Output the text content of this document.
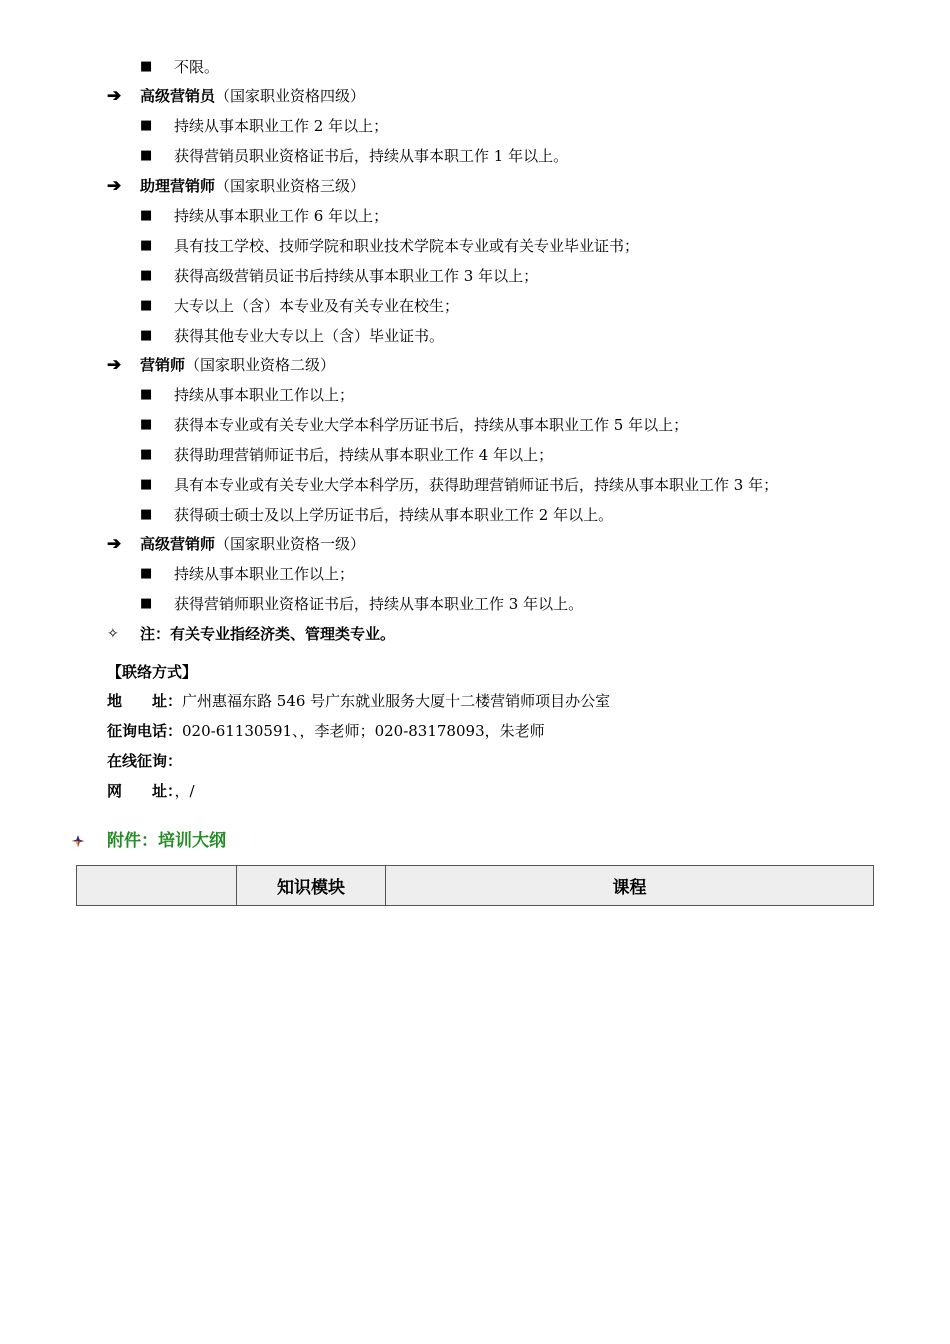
■ 不限。
➔ 高级营销员（国家职业资格四级）
■ 持续从事本职业工作 2 年以上；
■ 获得营销员职业资格证书后，持续从事本职工作 1 年以上。
➔ 助理营销师（国家职业资格三级）
■ 持续从事本职业工作 6 年以上；
■ 具有技工学校、技师学院和职业技术学院本专业或有关专业毕业证书；
■ 获得高级营销员证书后持续从事本职业工作 3 年以上；
■ 大专以上（含）本专业及有关专业在校生；
■ 获得其他专业大专以上（含）毕业证书。
➔ 营销师（国家职业资格二级）
■ 持续从事本职业工作以上；
■ 获得本专业或有关专业大学本科学历证书后，持续从事本职业工作 5 年以上；
■ 获得助理营销师证书后，持续从事本职业工作 4 年以上；
■ 具有本专业或有关专业大学本科学历，获得助理营销师证书后，持续从事本职业工作 3 年；
■ 获得硕士硕士及以上学历证书后，持续从事本职业工作 2 年以上。
➔ 高级营销师（国家职业资格一级）
■ 持续从事本职业工作以上；
■ 获得营销师职业资格证书后，持续从事本职业工作 3 年以上。
✧ 注：有关专业指经济类、管理类专业。
【联络方式】
地　　址：广州惠福东路 546 号广东就业服务大厦十二楼营销师项目办公室
征询电话：020-61130591、，李老师；020-83178093，朱老师
在线征询：
网　　址：，/
附件：培训大纲
	知识模块	课程
